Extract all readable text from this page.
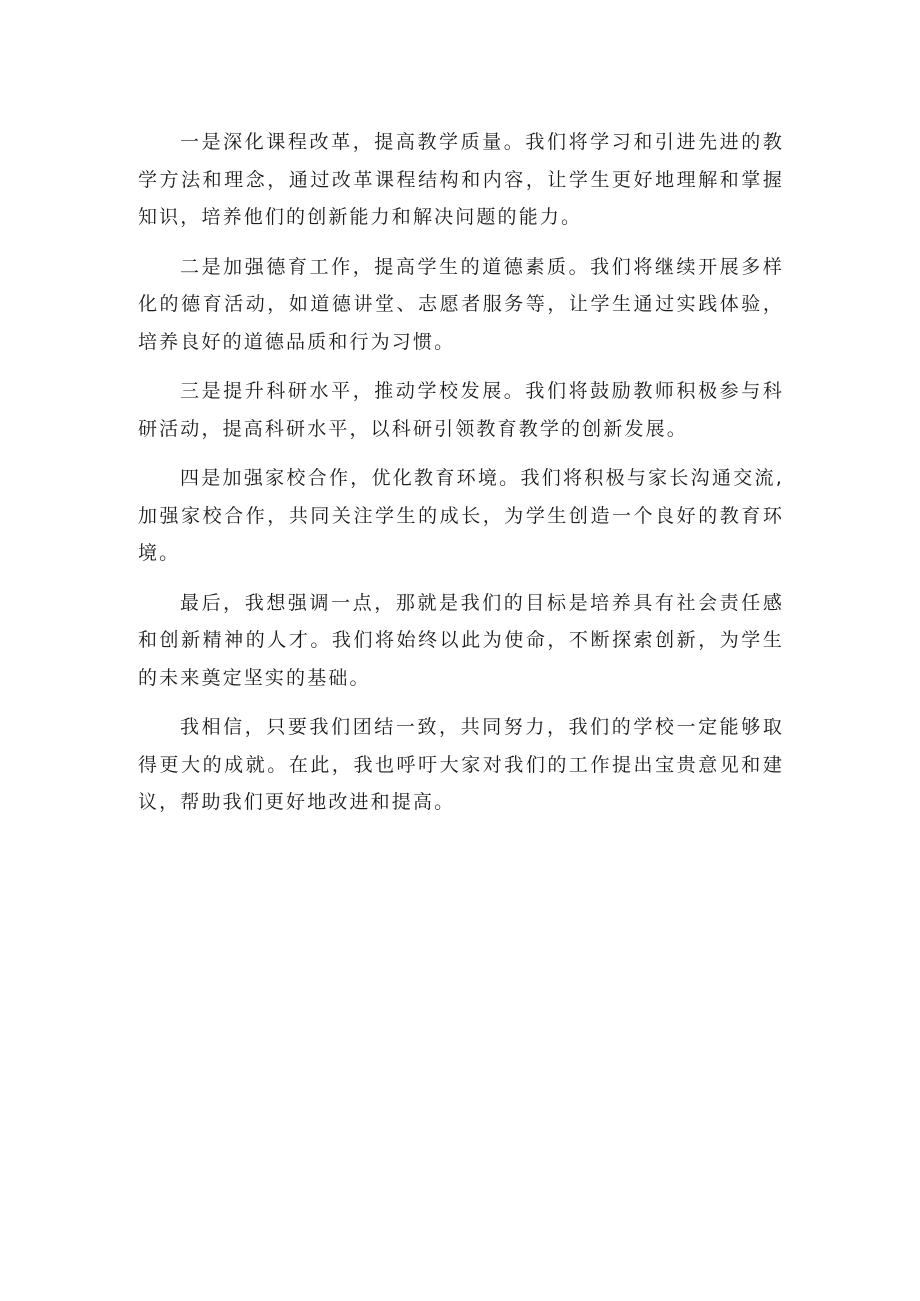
一是深化课程改革，提高教学质量。我们将学习和引进先进的教学方法和理念，通过改革课程结构和内容，让学生更好地理解和掌握知识，培养他们的创新能力和解决问题的能力。

二是加强德育工作，提高学生的道德素质。我们将继续开展多样化的德育活动，如道德讲堂、志愿者服务等，让学生通过实践体验，培养良好的道德品质和行为习惯。

三是提升科研水平，推动学校发展。我们将鼓励教师积极参与科研活动，提高科研水平，以科研引领教育教学的创新发展。

四是加强家校合作，优化教育环境。我们将积极与家长沟通交流,加强家校合作，共同关注学生的成长，为学生创造一个良好的教育环境。

最后，我想强调一点，那就是我们的目标是培养具有社会责任感和创新精神的人才。我们将始终以此为使命，不断探索创新，为学生的未来奠定坚实的基础。

我相信，只要我们团结一致，共同努力，我们的学校一定能够取得更大的成就。在此，我也呼吁大家对我们的工作提出宝贵意见和建议，帮助我们更好地改进和提高。
